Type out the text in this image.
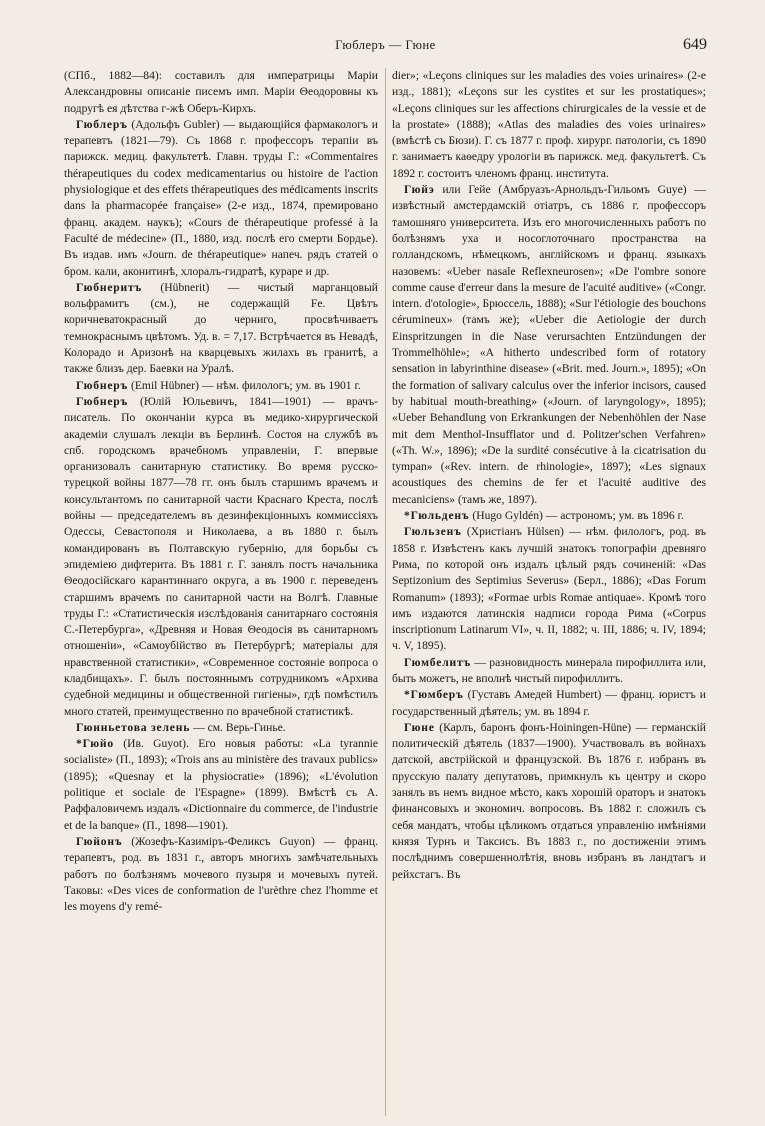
Гюблеръ — Гюне	649

(СПб., 1882—84): составилъ для императрицы Марiи Александровны описанiе писемъ имп. Марiи Θеодоровны къ подругѣ ея дѣтства г-жѣ Оберъ-Кирхъ.

Гюблеръ (Адольфъ Gubler) — выдающiйся фармакологъ и терапевтъ (1821—79). Съ 1868 г. профессоръ терапiи въ парижск. медиц. факультетѣ. Главн. труды Г.: «Commentaires thérapeutiques du codex medicamentarius ou histoire de l'action physiologique et des effets thérapeutiques des médicaments inscrits dans la pharmacopée française» (2-е изд., 1874, премировано франц. академ. наукъ); «Cours de thérapeutique professé à la Faculté de médecine» (П., 1880, изд. послѣ его смерти Бордье). Въ издав. имъ «Journ. de thérapeutique» напеч. рядъ статей о бром. кали, аконитинѣ, хлоралъ-гидратѣ, кураре и др.

Гюбнеритъ (Hübnerit) — чистый марганцовый вольфрамитъ (см.), не содержащiй Fe. Цвѣтъ коричневатокрасный до черниго, просвѣчиваетъ темнокраснымъ цвѣтомъ. Уд. в. = 7,17. Встрѣчается въ Невадѣ, Колорадо и Аризонѣ на кварцевыхъ жилахъ въ гранитѣ, а также близъ дер. Баевки на Уралѣ.

Гюбнеръ (Emil Hübner) — нѣм. филологъ; ум. въ 1901 г.

Гюбнеръ (Юлiй Юльевичъ, 1841—1901) — врачъ-писатель. По окончанiи курса въ медико-хирургической академiи слушалъ лекцiи въ Берлинѣ. Состоя на службѣ въ спб. городскомъ врачебномъ управленiи, Г. впервые организовалъ санитарную статистику. Во время русско-турецкой войны 1877—78 гг. онъ былъ старшимъ врачемъ и консультантомъ по санитарной части Краснаго Креста, послѣ войны — председателемъ въ дезинфекцiонныхъ коммиссiяхъ Одессы, Севастополя и Николаева, а въ 1880 г. былъ командированъ въ Полтавскую губернiю, для борьбы съ эпидемiею дифтерита. Въ 1881 г. Г. занялъ постъ начальника Θеодосiйскаго карантиннаго округа, а въ 1900 г. переведенъ старшимъ врачемъ по санитарной части на Волгѣ. Главные труды Г.: «Статистическiя изслѣдованiя санитарнаго состоянiя С.-Петербурга», «Древняя и Новая Θеодосiя въ санитарномъ отношенiи», «Самоубiйство въ Петербургѣ; матерiалы для нравственной статистики», «Современное состоянiе вопроса о кладбищахъ». Г. былъ постояннымъ сотрудникомъ «Архива судебной медицины и общественной гигiены», гдѣ помѣстилъ много статей, преимущественно по врачебной статистикѣ.

Гюиньетова зелень — см. Верь-Гинье.

*Гюйо (Ив. Guyot). Его новыя работы: «La tyrannie socialiste» (П., 1893); «Trois ans au ministère des travaux publics» (1895); «Quesnay et la physiocratie» (1896); «L'évolution politique et sociale de l'Espagne» (1899). Вмѣстѣ съ А. Раффаловичемъ издалъ «Dictionnaire du commerce, de l'industrie et de la banque» (П., 1898—1901).

Гюйонъ (Жозефъ-Казимiръ-Феликсъ Guyon) — франц. терапевтъ, род. въ 1831 г., авторъ многихъ замѣчательныхъ работъ по болѣзнямъ мочевого пузыря и мочевыхъ путей. Таковы: «Des vices de conformation de l'urèthre chez l'homme et les moyens d'y remé-

dier»; «Leçons cliniques sur les maladies des voies urinaires» (2-е изд., 1881); «Leçons sur les cystites et sur les prostatiques»; «Leçons cliniques sur les affections chirurgicales de la vessie et de la prostate» (1888); «Atlas des maladies des voies urinaires» (вмѣстѣ съ Бюзи). Г. съ 1877 г. проф. хирург. патологiи, съ 1890 г. занимаетъ каѳедру урологiи въ парижск. мед. факультетѣ. Съ 1892 г. состоитъ членомъ франц. института.

Гюйэ или Гейе (Амбруазъ-Арнольдъ-Гильомъ Guye) — извѣстный амстердамскiй отiатръ, съ 1886 г. профессоръ тамошняго университета. Изъ его многочисленныхъ работъ по болѣзнямъ уха и носоглоточнаго пространства на голландскомъ, нѣмецкомъ, англiйскомъ и франц. языкахъ назовемъ: «Ueber nasale Reflexneurosen»; «De l'ombre sonore comme cause d'erreur dans la mesure de l'acuité auditive» («Congr. intern. d'otologie», Брюссель, 1888); «Sur l'étiologie des bouchons cérumineux» (тамъ же); «Ueber die Aetiologie der durch Einspritzungen in die Nase verursachten Entzündungen der Trommelhöhle»; «A hitherto undescribed form of rotatory sensation in labyrinthine disease» («Brit. med. Journ.», 1895); «On the formation of salivary calculus over the inferior incisors, caused by habitual mouth-breathing» («Journ. of laryngology», 1895); «Ueber Behandlung von Erkrankungen der Nebenhöhlen der Nase mit dem Menthol-Insufflator und d. Politzer'schen Verfahren» («Th. W.», 1896); «De la surdité consécutive à la cicatrisation du tympan» («Rev. intern. de rhinologie», 1897); «Les signaux acoustiques des chemins de fer et l'acuité auditive des mecaniciens» (тамъ же, 1897).

*Гюльденъ (Hugo Gyldén) — астрономъ; ум. въ 1896 г.

Гюльзенъ (Христiанъ Hülsen) — нѣм. филологъ, род. въ 1858 г. Извѣстенъ какъ лучшiй знатокъ топографiи древняго Рима, по которой онъ издалъ цѣлый рядъ сочиненiй: «Das Septizonium des Septimius Severus» (Берл., 1886); «Das Forum Romanum» (1893); «Formae urbis Romae antiquae». Кромѣ того имъ издаются латинскiя надписи города Рима («Corpus inscriptionum Latinarum VI», ч. II, 1882; ч. III, 1886; ч. IV, 1894; ч. V, 1895).

Гюмбелитъ — разновидность минерала пирофиллита или, быть можетъ, не вполнѣ чистый пирофиллитъ.

*Гюмберъ (Густавъ Амедей Humbert) — франц. юристъ и государственный дѣятель; ум. въ 1894 г.

Гюне (Карлъ, баронъ фонъ-Hoiningen-Hüne) — германскiй политическiй дѣятель (1837—1900). Участвовалъ въ войнахъ датской, австрiйской и французской. Въ 1876 г. избранъ въ прусскую палату депутатовъ, примкнулъ къ центру и скоро занялъ въ немъ видное мѣсто, какъ хорошiй ораторъ и знатокъ финансовыхъ и экономич. вопросовъ. Въ 1882 г. сложилъ съ себя мандатъ, чтобы цѣликомъ отдаться управленiю имѣнiями князя Турнъ и Таксисъ. Въ 1883 г., по достиженiи этимъ послѣднимъ совершеннолѣтiя, вновь избранъ въ ландтагъ и рейхстагъ. Въ
